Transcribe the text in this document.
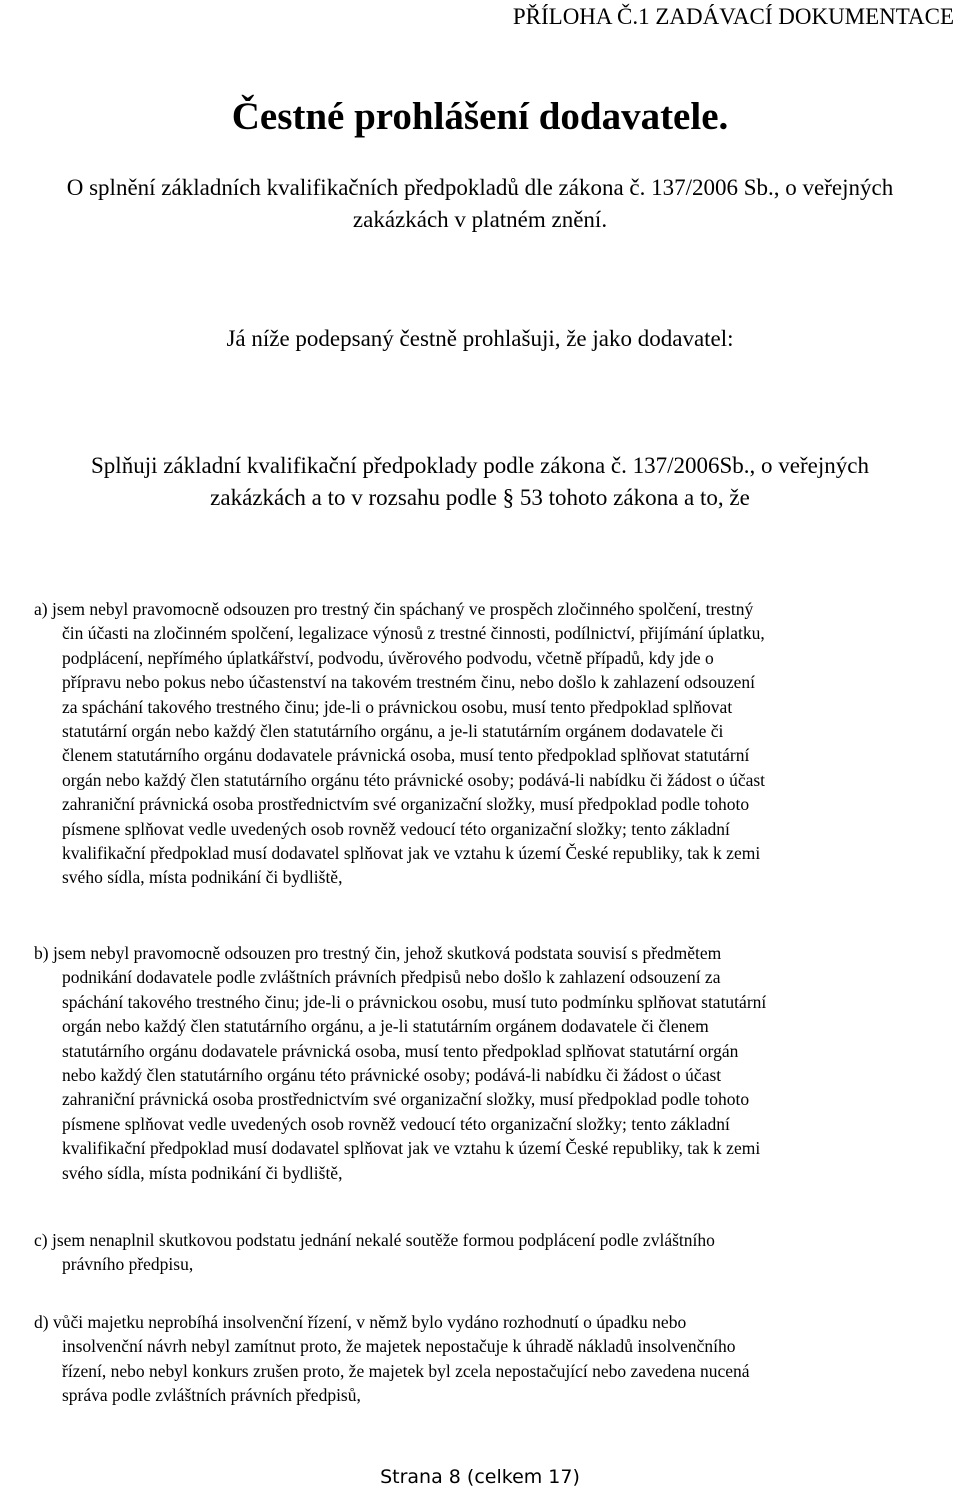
PŘÍLOHA Č.1 ZADÁVACÍ DOKUMENTACE
Čestné prohlášení dodavatele.

O splnění základních kvalifikačních předpokladů dle zákona č. 137/2006 Sb., o veřejných
zakázkách v platném znění.

Já níže podepsaný čestně prohlašuji, že jako dodavatel:

Splňuji základní kvalifikační předpoklady podle zákona č. 137/2006Sb., o veřejných
zakázkách a to v rozsahu podle § 53 tohoto zákona a to, že

a) jsem nebyl pravomocně odsouzen pro trestný čin spáchaný ve prospěch zločinného spolčení, trestný
čin účasti na zločinném spolčení, legalizace výnosů z trestné činnosti, podílnictví, přijímání úplatku,
podplácení, nepřímého úplatkářství, podvodu, úvěrového podvodu, včetně případů, kdy jde o
přípravu nebo pokus nebo účastenství na takovém trestném činu, nebo došlo k zahlazení odsouzení
za spáchání takového trestného činu; jde-li o právnickou osobu, musí tento předpoklad splňovat
statutární orgán nebo každý člen statutárního orgánu, a je-li statutárním orgánem dodavatele či
členem statutárního orgánu dodavatele právnická osoba, musí tento předpoklad splňovat statutární
orgán nebo každý člen statutárního orgánu této právnické osoby; podává-li nabídku či žádost o účast
zahraniční právnická osoba prostřednictvím své organizační složky, musí předpoklad podle tohoto
písmene splňovat vedle uvedených osob rovněž vedoucí této organizační složky; tento základní
kvalifikační předpoklad musí dodavatel splňovat jak ve vztahu k území České republiky, tak k zemi
svého sídla, místa podnikání či bydliště,

b) jsem nebyl pravomocně odsouzen pro trestný čin, jehož skutková podstata souvisí s předmětem
podnikání dodavatele podle zvláštních právních předpisů nebo došlo k zahlazení odsouzení za
spáchání takového trestného činu; jde-li o právnickou osobu, musí tuto podmínku splňovat statutární
orgán nebo každý člen statutárního orgánu, a je-li statutárním orgánem dodavatele či členem
statutárního orgánu dodavatele právnická osoba, musí tento předpoklad splňovat statutární orgán
nebo každý člen statutárního orgánu této právnické osoby; podává-li nabídku či žádost o účast
zahraniční právnická osoba prostřednictvím své organizační složky, musí předpoklad podle tohoto
písmene splňovat vedle uvedených osob rovněž vedoucí této organizační složky; tento základní
kvalifikační předpoklad musí dodavatel splňovat jak ve vztahu k území České republiky, tak k zemi
svého sídla, místa podnikání či bydliště,

c) jsem nenaplnil skutkovou podstatu jednání nekalé soutěže formou podplácení podle zvláštního
právního předpisu,

d) vůči majetku neprobíhá insolvenční řízení, v němž bylo vydáno rozhodnutí o úpadku nebo
insolvenční návrh nebyl zamítnut proto, že majetek nepostačuje k úhradě nákladů insolvenčního
řízení, nebo nebyl konkurs zrušen proto, že majetek byl zcela nepostačující nebo zavedena nucená
správa podle zvláštních právních předpisů,

Strana 8 (celkem 17)
